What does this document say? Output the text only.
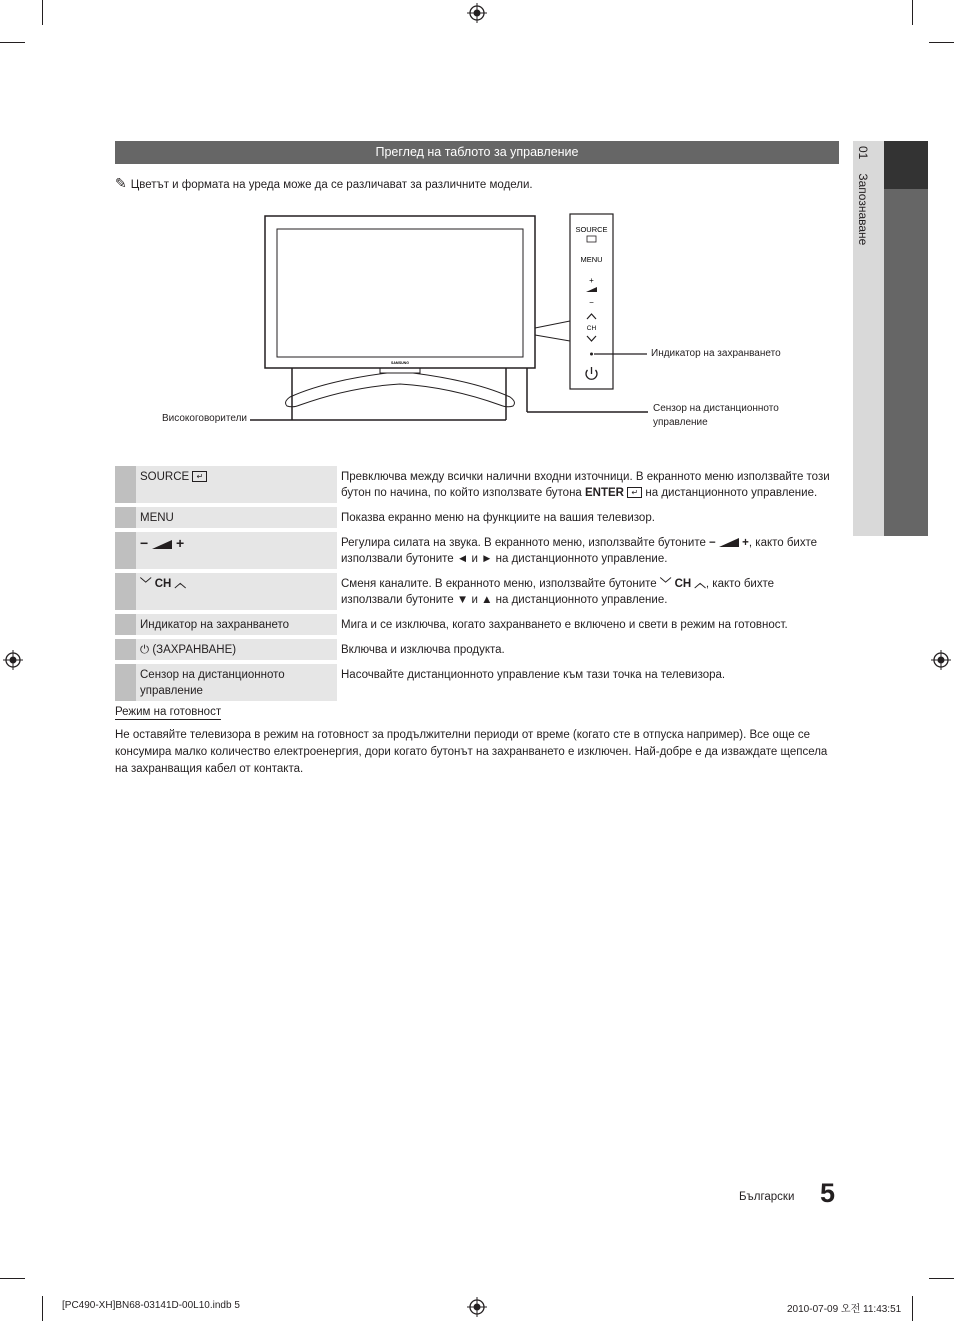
Преглед на таблото за управление
✎ Цветът и формата на уреда може да се различават за различните модели.
01Запознаване
SAMSUNG
SOURCE
MENU
+
−
CH
Индикатор на захранването
Сензор на дистанционното
управление
Високоговорители
	SOURCE ↵	Превключва между всички налични входни източници. В екранното меню използвайте този
бутон по начина, по който използвате бутона ENTER ↵ на дистанционното управление.
	MENU	Показва екранно меню на функциите на вашия телевизор.
	− +	Регулира силата на звука. В екранното меню, използвайте бутоните −  +, както бихте
използвали бутоните ◄ и ► на дистанционното управление.
	﹀ CH ︿	Сменя каналите. В екранното меню, използвайте бутоните ﹀ CH ︿, както бихте
използвали бутоните ▼ и ▲ на дистанционното управление.
	Индикатор на захранването	Мига и се изключва, когато захранването е включено и свети в режим на готовност.
	⏻ (ЗАХРАНВАНЕ)	Включва и изключва продукта.
	Сензор на дистанционното
управление	Насочвайте дистанционното управление към тази точка на телевизора.
Режим на готовност
Не оставяйте телевизора в режим на готовност за продължителни периоди от време (когато сте в отпуска например). Все още се консумира малко количество електроенергия, дори когато бутонът на захранването е изключен. Най-добре е да изваждате щепсела на захранващия кабел от контакта.
Български 5
[PC490-XH]BN68-03141D-00L10.indb 5	2010-07-09 오전 11:43:51
